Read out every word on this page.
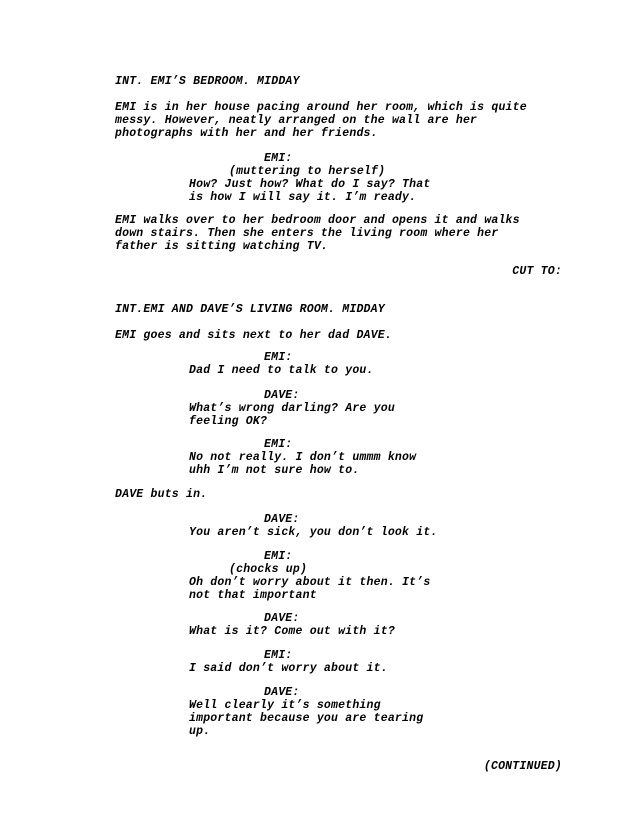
INT. EMI’S BEDROOM. MIDDAY
EMI is in her house pacing around her room, which is quite
messy. However, neatly arranged on the wall are her
photographs with her and her friends.
EMI:
(muttering to herself)
How? Just how? What do I say? That
is how I will say it. I’m ready.
EMI walks over to her bedroom door and opens it and walks
down stairs. Then she enters the living room where her
father is sitting watching TV.
CUT TO:
INT.EMI AND DAVE’S LIVING ROOM. MIDDAY
EMI goes and sits next to her dad DAVE.
EMI:
Dad I need to talk to you.
DAVE:
What’s wrong darling? Are you
feeling OK?
EMI:
No not really. I don’t ummm know
uhh I’m not sure how to.
DAVE buts in.
DAVE:
You aren’t sick, you don’t look it.
EMI:
(chocks up)
Oh don’t worry about it then. It’s
not that important
DAVE:
What is it? Come out with it?
EMI:
I said don’t worry about it.
DAVE:
Well clearly it’s something
important because you are tearing
up.
(CONTINUED)
